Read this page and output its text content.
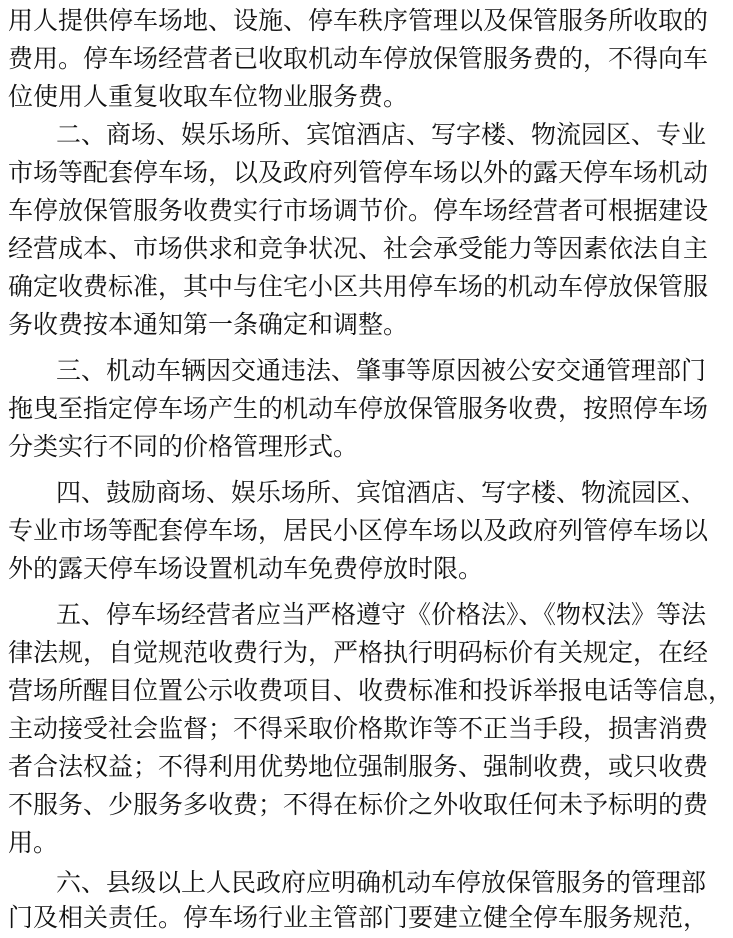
用人提供停车场地、设施、停车秩序管理以及保管服务所收取的
费用。停车场经营者已收取机动车停放保管服务费的，不得向车
位使用人重复收取车位物业服务费。
二、商场、娱乐场所、宾馆酒店、写字楼、物流园区、专业
市场等配套停车场，以及政府列管停车场以外的露天停车场机动
车停放保管服务收费实行市场调节价。停车场经营者可根据建设
经营成本、市场供求和竞争状况、社会承受能力等因素依法自主
确定收费标准，其中与住宅小区共用停车场的机动车停放保管服
务收费按本通知第一条确定和调整。
三、机动车辆因交通违法、肇事等原因被公安交通管理部门
拖曳至指定停车场产生的机动车停放保管服务收费，按照停车场
分类实行不同的价格管理形式。
四、鼓励商场、娱乐场所、宾馆酒店、写字楼、物流园区、
专业市场等配套停车场，居民小区停车场以及政府列管停车场以
外的露天停车场设置机动车免费停放时限。
五、停车场经营者应当严格遵守《价格法》、《物权法》等法
律法规，自觉规范收费行为，严格执行明码标价有关规定，在经
营场所醒目位置公示收费项目、收费标准和投诉举报电话等信息，
主动接受社会监督；不得采取价格欺诈等不正当手段，损害消费
者合法权益；不得利用优势地位强制服务、强制收费，或只收费
不服务、少服务多收费；不得在标价之外收取任何未予标明的费
用。
六、县级以上人民政府应明确机动车停放保管服务的管理部
门及相关责任。停车场行业主管部门要建立健全停车服务规范，
